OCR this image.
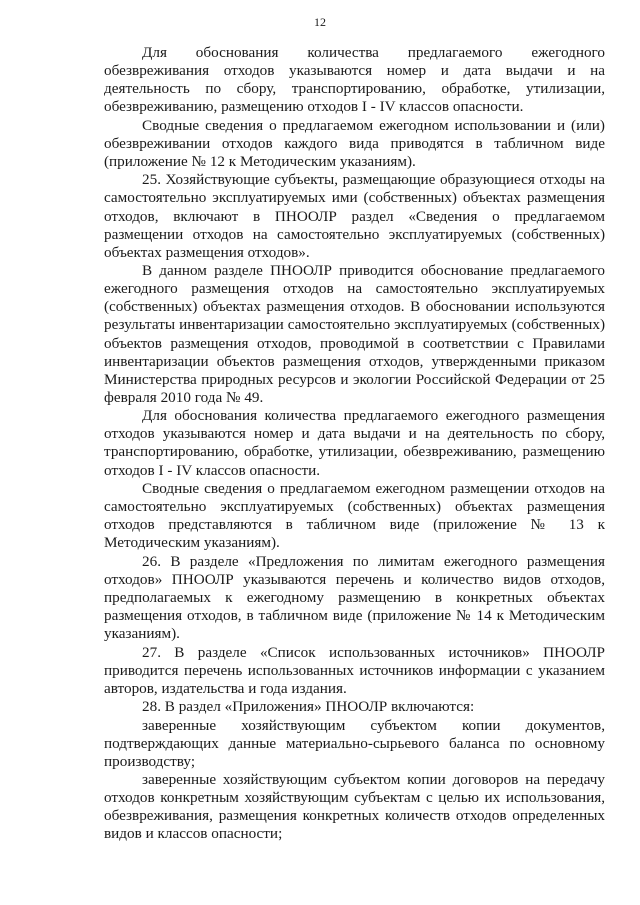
12

Для обоснования количества предлагаемого ежегодного обезвреживания отходов указываются номер и дата выдачи и на деятельность по сбору, транспортированию, обработке, утилизации, обезвреживанию, размещению отходов I - IV классов опасности.

Сводные сведения о предлагаемом ежегодном использовании и (или) обезвреживании отходов каждого вида приводятся в табличном виде (приложение № 12 к Методическим указаниям).

25. Хозяйствующие субъекты, размещающие образующиеся отходы на самостоятельно эксплуатируемых ими (собственных) объектах размещения отходов, включают в ПНООЛР раздел «Сведения о предлагаемом размещении отходов на самостоятельно эксплуатируемых (собственных) объектах размещения отходов».

В данном разделе ПНООЛР приводится обоснование предлагаемого ежегодного размещения отходов на самостоятельно эксплуатируемых (собственных) объектах размещения отходов. В обосновании используются результаты инвентаризации самостоятельно эксплуатируемых (собственных) объектов размещения отходов, проводимой в соответствии с Правилами инвентаризации объектов размещения отходов, утвержденными приказом Министерства природных ресурсов и экологии Российской Федерации от 25 февраля 2010 года № 49.

Для обоснования количества предлагаемого ежегодного размещения отходов указываются номер и дата выдачи и на деятельность по сбору, транспортированию, обработке, утилизации, обезвреживанию, размещению отходов I - IV классов опасности.

Сводные сведения о предлагаемом ежегодном размещении отходов на самостоятельно эксплуатируемых (собственных) объектах размещения отходов представляются в табличном виде (приложение № 13 к Методическим указаниям).

26. В разделе «Предложения по лимитам ежегодного размещения отходов» ПНООЛР указываются перечень и количество видов отходов, предполагаемых к ежегодному размещению в конкретных объектах размещения отходов, в табличном виде (приложение № 14 к Методическим указаниям).

27. В разделе «Список использованных источников» ПНООЛР приводится перечень использованных источников информации с указанием авторов, издательства и года издания.

28. В раздел «Приложения» ПНООЛР включаются:

заверенные хозяйствующим субъектом копии документов, подтверждающих данные материально-сырьевого баланса по основному производству;

заверенные хозяйствующим субъектом копии договоров на передачу отходов конкретным хозяйствующим субъектам с целью их использования, обезвреживания, размещения конкретных количеств отходов определенных видов и классов опасности;
